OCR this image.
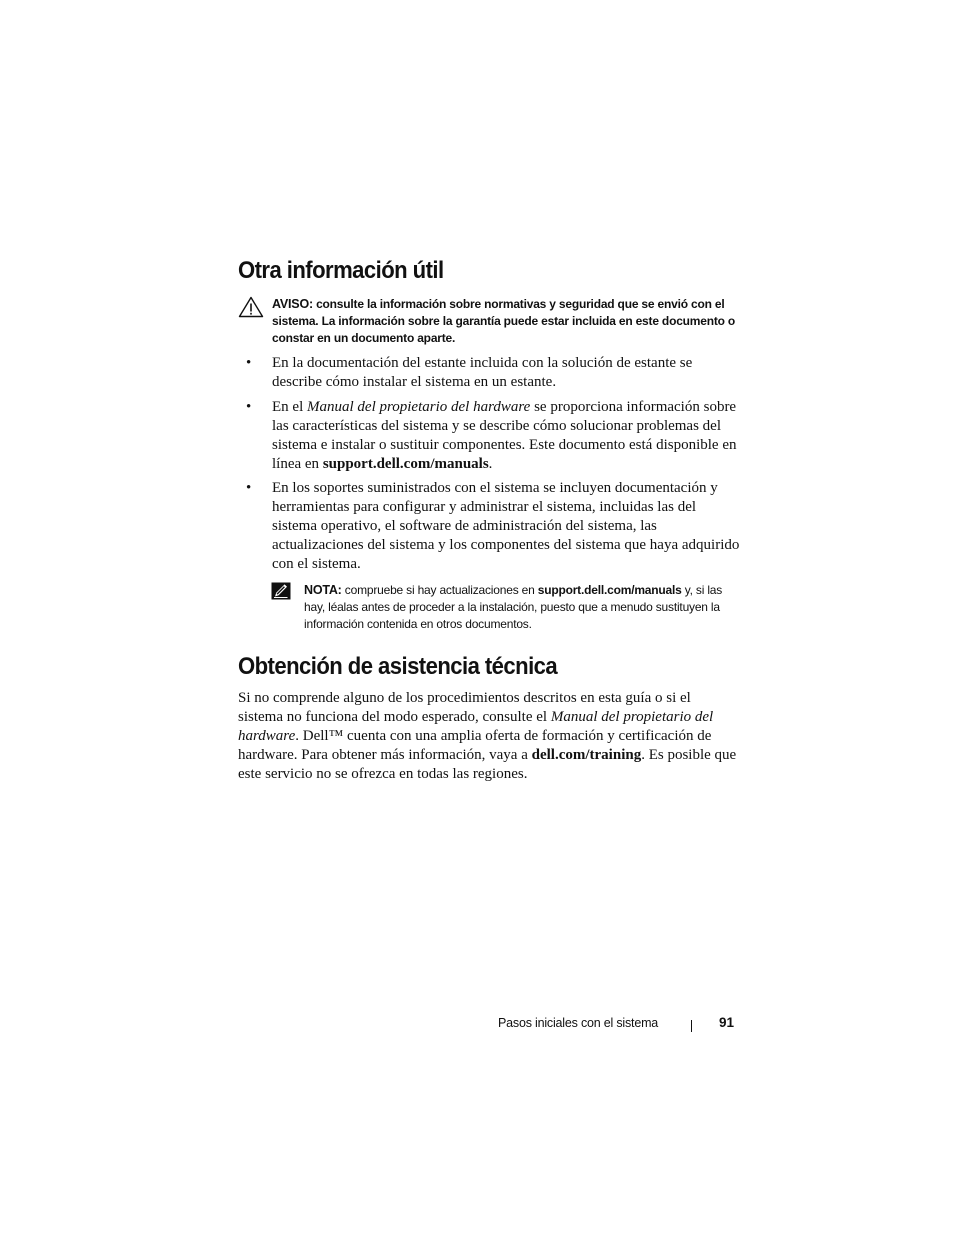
Otra información útil
AVISO: consulte la información sobre normativas y seguridad que se envió con el sistema. La información sobre la garantía puede estar incluida en este documento o constar en un documento aparte.
• En la documentación del estante incluida con la solución de estante se describe cómo instalar el sistema en un estante.
• En el Manual del propietario del hardware se proporciona información sobre las características del sistema y se describe cómo solucionar problemas del sistema e instalar o sustituir componentes. Este documento está disponible en línea en support.dell.com/manuals.
• En los soportes suministrados con el sistema se incluyen documentación y herramientas para configurar y administrar el sistema, incluidas las del sistema operativo, el software de administración del sistema, las actualizaciones del sistema y los componentes del sistema que haya adquirido con el sistema.
NOTA: compruebe si hay actualizaciones en support.dell.com/manuals y, si las hay, léalas antes de proceder a la instalación, puesto que a menudo sustituyen la información contenida en otros documentos.
Obtención de asistencia técnica

Si no comprende alguno de los procedimientos descritos en esta guía o si el sistema no funciona del modo esperado, consulte el Manual del propietario del hardware. Dell™ cuenta con una amplia oferta de formación y certificación de hardware. Para obtener más información, vaya a dell.com/training. Es posible que este servicio no se ofrezca en todas las regiones.

Pasos iniciales con el sistema	91
